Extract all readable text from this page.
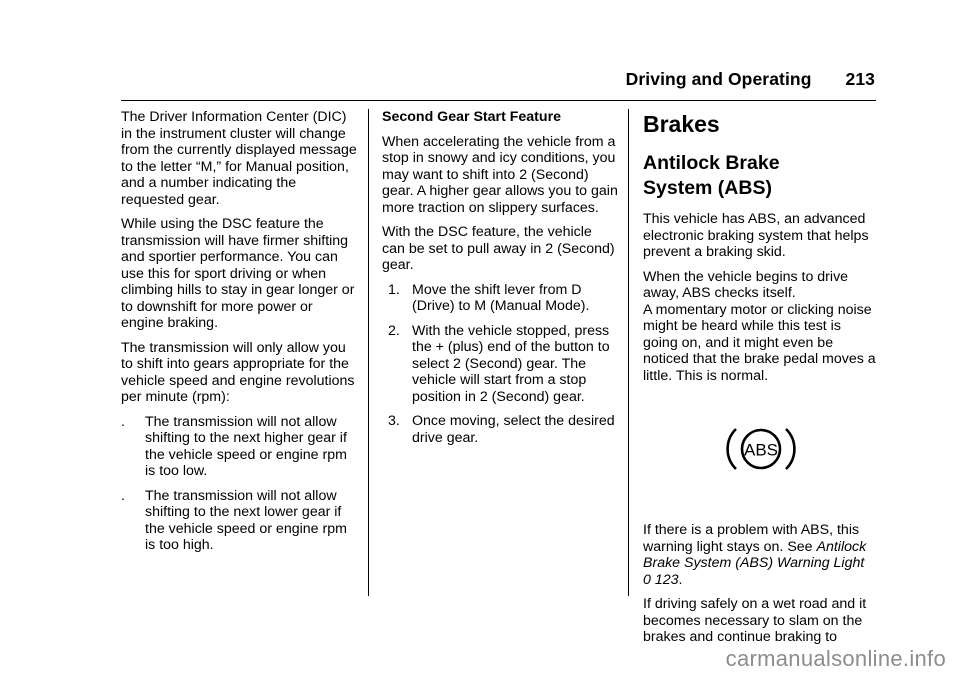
Driving and Operating 213

The Driver Information Center (DIC) in the instrument cluster will change from the currently displayed message to the letter “M,” for Manual position, and a number indicating the requested gear.

While using the DSC feature the transmission will have firmer shifting and sportier performance. You can use this for sport driving or when climbing hills to stay in gear longer or to downshift for more power or engine braking.

The transmission will only allow you to shift into gears appropriate for the vehicle speed and engine revolutions per minute (rpm):

. The transmission will not allow shifting to the next higher gear if the vehicle speed or engine rpm is too low.
. The transmission will not allow shifting to the next lower gear if the vehicle speed or engine rpm is too high.
Second Gear Start Feature

When accelerating the vehicle from a stop in snowy and icy conditions, you may want to shift into 2 (Second) gear. A higher gear allows you to gain more traction on slippery surfaces.

With the DSC feature, the vehicle can be set to pull away in 2 (Second) gear.

1. Move the shift lever from D (Drive) to M (Manual Mode).
2. With the vehicle stopped, press the + (plus) end of the button to select 2 (Second) gear. The vehicle will start from a stop position in 2 (Second) gear.
3. Once moving, select the desired drive gear.
Brakes
Antilock Brake
System (ABS)

This vehicle has ABS, an advanced electronic braking system that helps prevent a braking skid.

When the vehicle begins to drive away, ABS checks itself.
A momentary motor or clicking noise might be heard while this test is going on, and it might even be noticed that the brake pedal moves a little. This is normal.

ABS

If there is a problem with ABS, this warning light stays on. See Antilock Brake System (ABS) Warning Light
0 123.

If driving safely on a wet road and it becomes necessary to slam on the brakes and continue braking to

carmanualsonline.info
